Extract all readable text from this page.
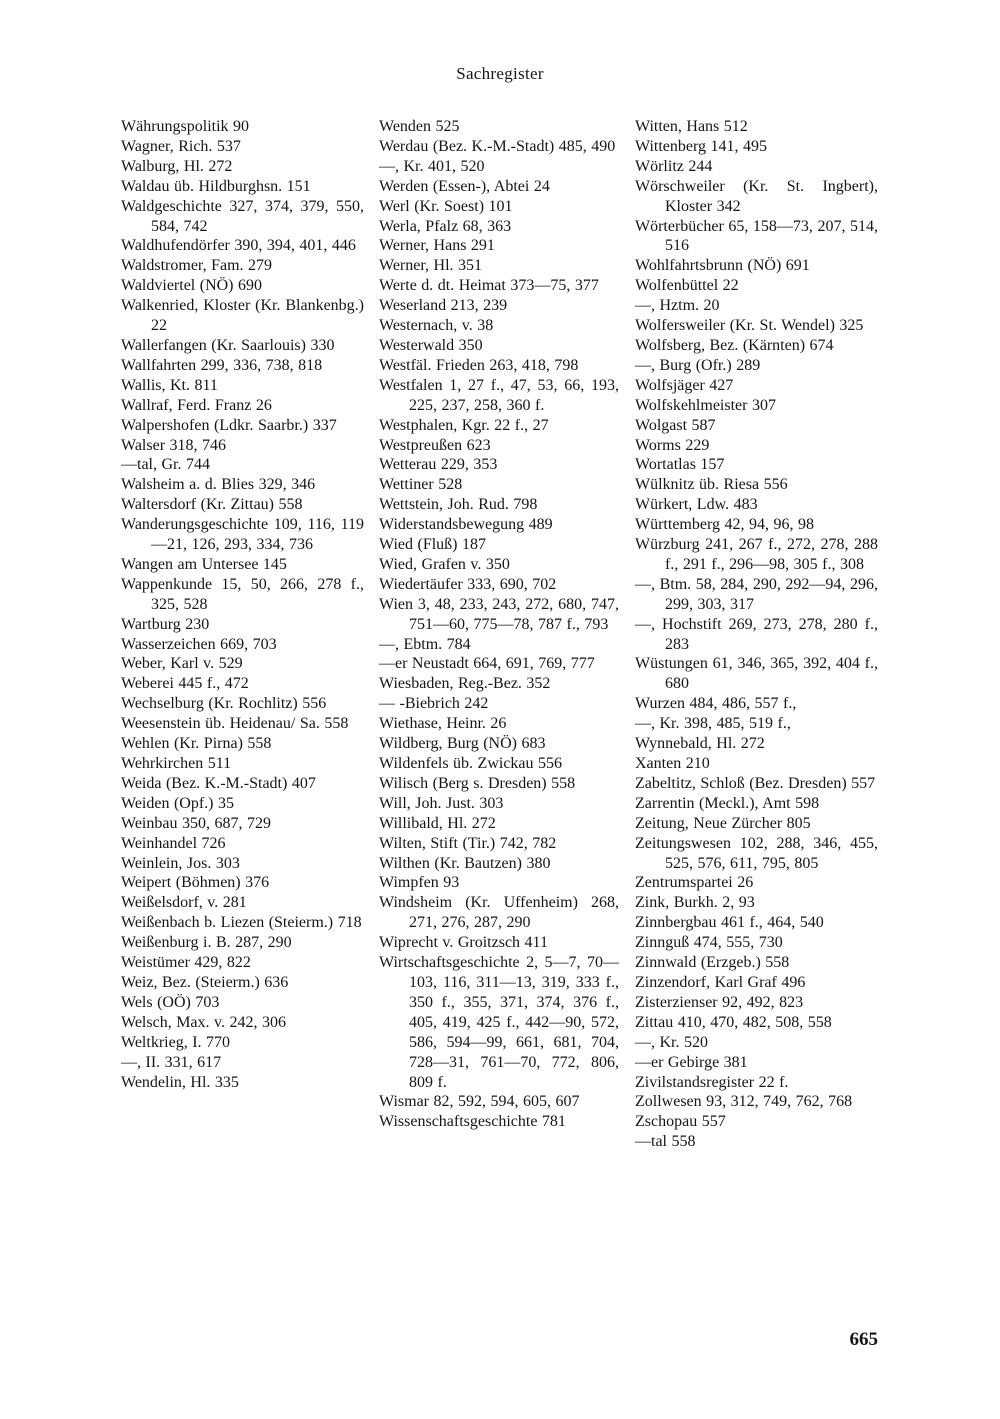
Sachregister
Währungspolitik 90
Wagner, Rich. 537
Walburg, Hl. 272
Waldau üb. Hildburghsn. 151
Waldgeschichte 327, 374, 379, 550, 584, 742
Waldhufendörfer 390, 394, 401, 446
Waldstromer, Fam. 279
Waldviertel (NÖ) 690
Walkenried, Kloster (Kr. Blankenbg.) 22
Wallerfangen (Kr. Saarlouis) 330
Wallfahrten 299, 336, 738, 818
Wallis, Kt. 811
Wallraf, Ferd. Franz 26
Walpershofen (Ldkr. Saarbr.) 337
Walser 318, 746
—tal, Gr. 744
Walsheim a. d. Blies 329, 346
Waltersdorf (Kr. Zittau) 558
Wanderungsgeschichte 109, 116, 119—21, 126, 293, 334, 736
Wangen am Untersee 145
Wappenkunde 15, 50, 266, 278 f., 325, 528
Wartburg 230
Wasserzeichen 669, 703
Weber, Karl v. 529
Weberei 445 f., 472
Wechselburg (Kr. Rochlitz) 556
Weesenstein üb. Heidenau/ Sa. 558
Wehlen (Kr. Pirna) 558
Wehrkirchen 511
Weida (Bez. K.-M.-Stadt) 407
Weiden (Opf.) 35
Weinbau 350, 687, 729
Weinhandel 726
Weinlein, Jos. 303
Weipert (Böhmen) 376
Weißelsdorf, v. 281
Weißenbach b. Liezen (Steierm.) 718
Weißenburg i. B. 287, 290
Weistümer 429, 822
Weiz, Bez. (Steierm.) 636
Wels (OÖ) 703
Welsch, Max. v. 242, 306
Weltkrieg, I. 770
—, II. 331, 617
Wendelin, Hl. 335
Wenden 525
Werdau (Bez. K.-M.-Stadt) 485, 490
—, Kr. 401, 520
Werden (Essen-), Abtei 24
Werl (Kr. Soest) 101
Werla, Pfalz 68, 363
Werner, Hans 291
Werner, Hl. 351
Werte d. dt. Heimat 373—75, 377
Weserland 213, 239
Westernach, v. 38
Westerwald 350
Westfäl. Frieden 263, 418, 798
Westfalen 1, 27 f., 47, 53, 66, 193, 225, 237, 258, 360 f.
Westphalen, Kgr. 22 f., 27
Westpreußen 623
Wetterau 229, 353
Wettiner 528
Wettstein, Joh. Rud. 798
Widerstandsbewegung 489
Wied (Fluß) 187
Wied, Grafen v. 350
Wiedertäufer 333, 690, 702
Wien 3, 48, 233, 243, 272, 680, 747, 751—60, 775—78, 787 f., 793
—, Ebtm. 784
—er Neustadt 664, 691, 769, 777
Wiesbaden, Reg.-Bez. 352
— -Biebrich 242
Wiethase, Heinr. 26
Wildberg, Burg (NÖ) 683
Wildenfels üb. Zwickau 556
Wilisch (Berg s. Dresden) 558
Will, Joh. Just. 303
Willibald, Hl. 272
Wilten, Stift (Tir.) 742, 782
Wilthen (Kr. Bautzen) 380
Wimpfen 93
Windsheim (Kr. Uffenheim) 268, 271, 276, 287, 290
Wiprecht v. Groitzsch 411
Wirtschaftsgeschichte 2, 5—7, 70—103, 116, 311—13, 319, 333 f., 350 f., 355, 371, 374, 376 f., 405, 419, 425 f., 442—90, 572, 586, 594—99, 661, 681, 704, 728—31, 761—70, 772, 806, 809 f.
Wismar 82, 592, 594, 605, 607
Wissenschaftsgeschichte 781
Witten, Hans 512
Wittenberg 141, 495
Wörlitz 244
Wörschweiler (Kr. St. Ingbert), Kloster 342
Wörterbücher 65, 158—73, 207, 514, 516
Wohlfahrtsbrunn (NÖ) 691
Wolfenbüttel 22
—, Hztm. 20
Wolfersweiler (Kr. St. Wendel) 325
Wolfsberg, Bez. (Kärnten) 674
—, Burg (Ofr.) 289
Wolfsjäger 427
Wolfskehlmeister 307
Wolgast 587
Worms 229
Wortatlas 157
Wülknitz üb. Riesa 556
Würkert, Ldw. 483
Württemberg 42, 94, 96, 98
Würzburg 241, 267 f., 272, 278, 288 f., 291 f., 296—98, 305 f., 308
—, Btm. 58, 284, 290, 292—94, 296, 299, 303, 317
—, Hochstift 269, 273, 278, 280 f., 283
Wüstungen 61, 346, 365, 392, 404 f., 680
Wurzen 484, 486, 557 f.,
—, Kr. 398, 485, 519 f.,
Wynnebald, Hl. 272
Xanten 210
Zabeltitz, Schloß (Bez. Dresden) 557
Zarrentin (Meckl.), Amt 598
Zeitung, Neue Zürcher 805
Zeitungswesen 102, 288, 346, 455, 525, 576, 611, 795, 805
Zentrumspartei 26
Zink, Burkh. 2, 93
Zinnbergbau 461 f., 464, 540
Zinnguß 474, 555, 730
Zinnwald (Erzgeb.) 558
Zinzendorf, Karl Graf 496
Zisterzienser 92, 492, 823
Zittau 410, 470, 482, 508, 558
—, Kr. 520
—er Gebirge 381
Zivilstandsregister 22 f.
Zollwesen 93, 312, 749, 762, 768
Zschopau 557
—tal 558
665
